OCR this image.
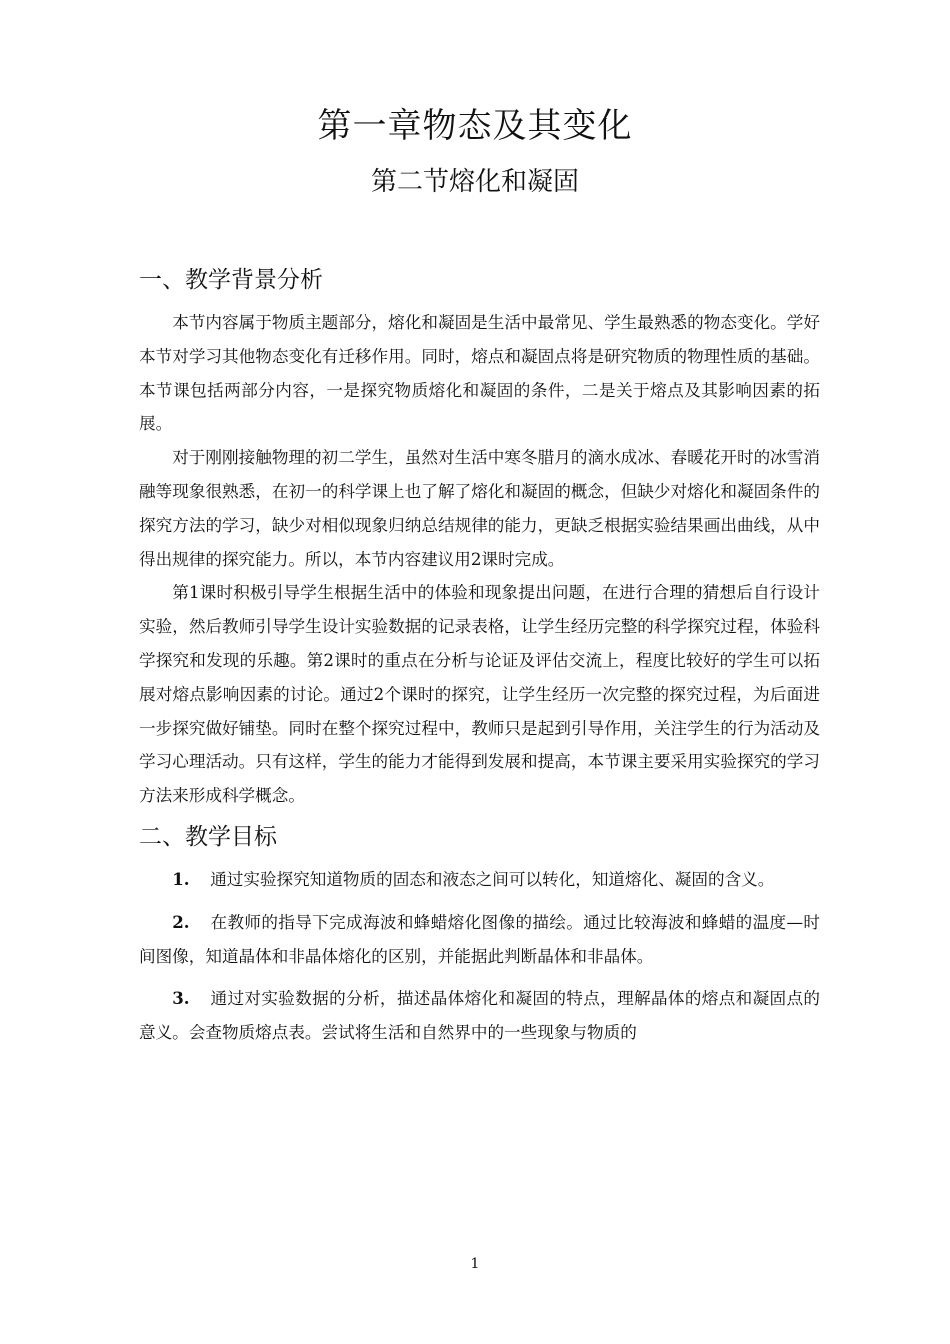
第一章物态及其变化
第二节熔化和凝固
一、教学背景分析

本节内容属于物质主题部分，熔化和凝固是生活中最常见、学生最熟悉的物态变化。学好本节对学习其他物态变化有迁移作用。同时，熔点和凝固点将是研究物质的物理性质的基础。本节课包括两部分内容，一是探究物质熔化和凝固的条件，二是关于熔点及其影响因素的拓展。

对于刚刚接触物理的初二学生，虽然对生活中寒冬腊月的滴水成冰、春暖花开时的冰雪消融等现象很熟悉，在初一的科学课上也了解了熔化和凝固的概念，但缺少对熔化和凝固条件的探究方法的学习，缺少对相似现象归纳总结规律的能力，更缺乏根据实验结果画出曲线，从中得出规律的探究能力。所以，本节内容建议用2课时完成。

第1课时积极引导学生根据生活中的体验和现象提出问题，在进行合理的猜想后自行设计实验，然后教师引导学生设计实验数据的记录表格，让学生经历完整的科学探究过程，体验科学探究和发现的乐趣。第2课时的重点在分析与论证及评估交流上，程度比较好的学生可以拓展对熔点影响因素的讨论。通过2个课时的探究，让学生经历一次完整的探究过程，为后面进一步探究做好铺垫。同时在整个探究过程中，教师只是起到引导作用，关注学生的行为活动及学习心理活动。只有这样，学生的能力才能得到发展和提高，本节课主要采用实验探究的学习方法来形成科学概念。

二、教学目标

1. 通过实验探究知道物质的固态和液态之间可以转化，知道熔化、凝固的含义。

2. 在教师的指导下完成海波和蜂蜡熔化图像的描绘。通过比较海波和蜂蜡的温度—时间图像，知道晶体和非晶体熔化的区别，并能据此判断晶体和非晶体。

3. 通过对实验数据的分析，描述晶体熔化和凝固的特点，理解晶体的熔点和凝固点的意义。会查物质熔点表。尝试将生活和自然界中的一些现象与物质的

1
